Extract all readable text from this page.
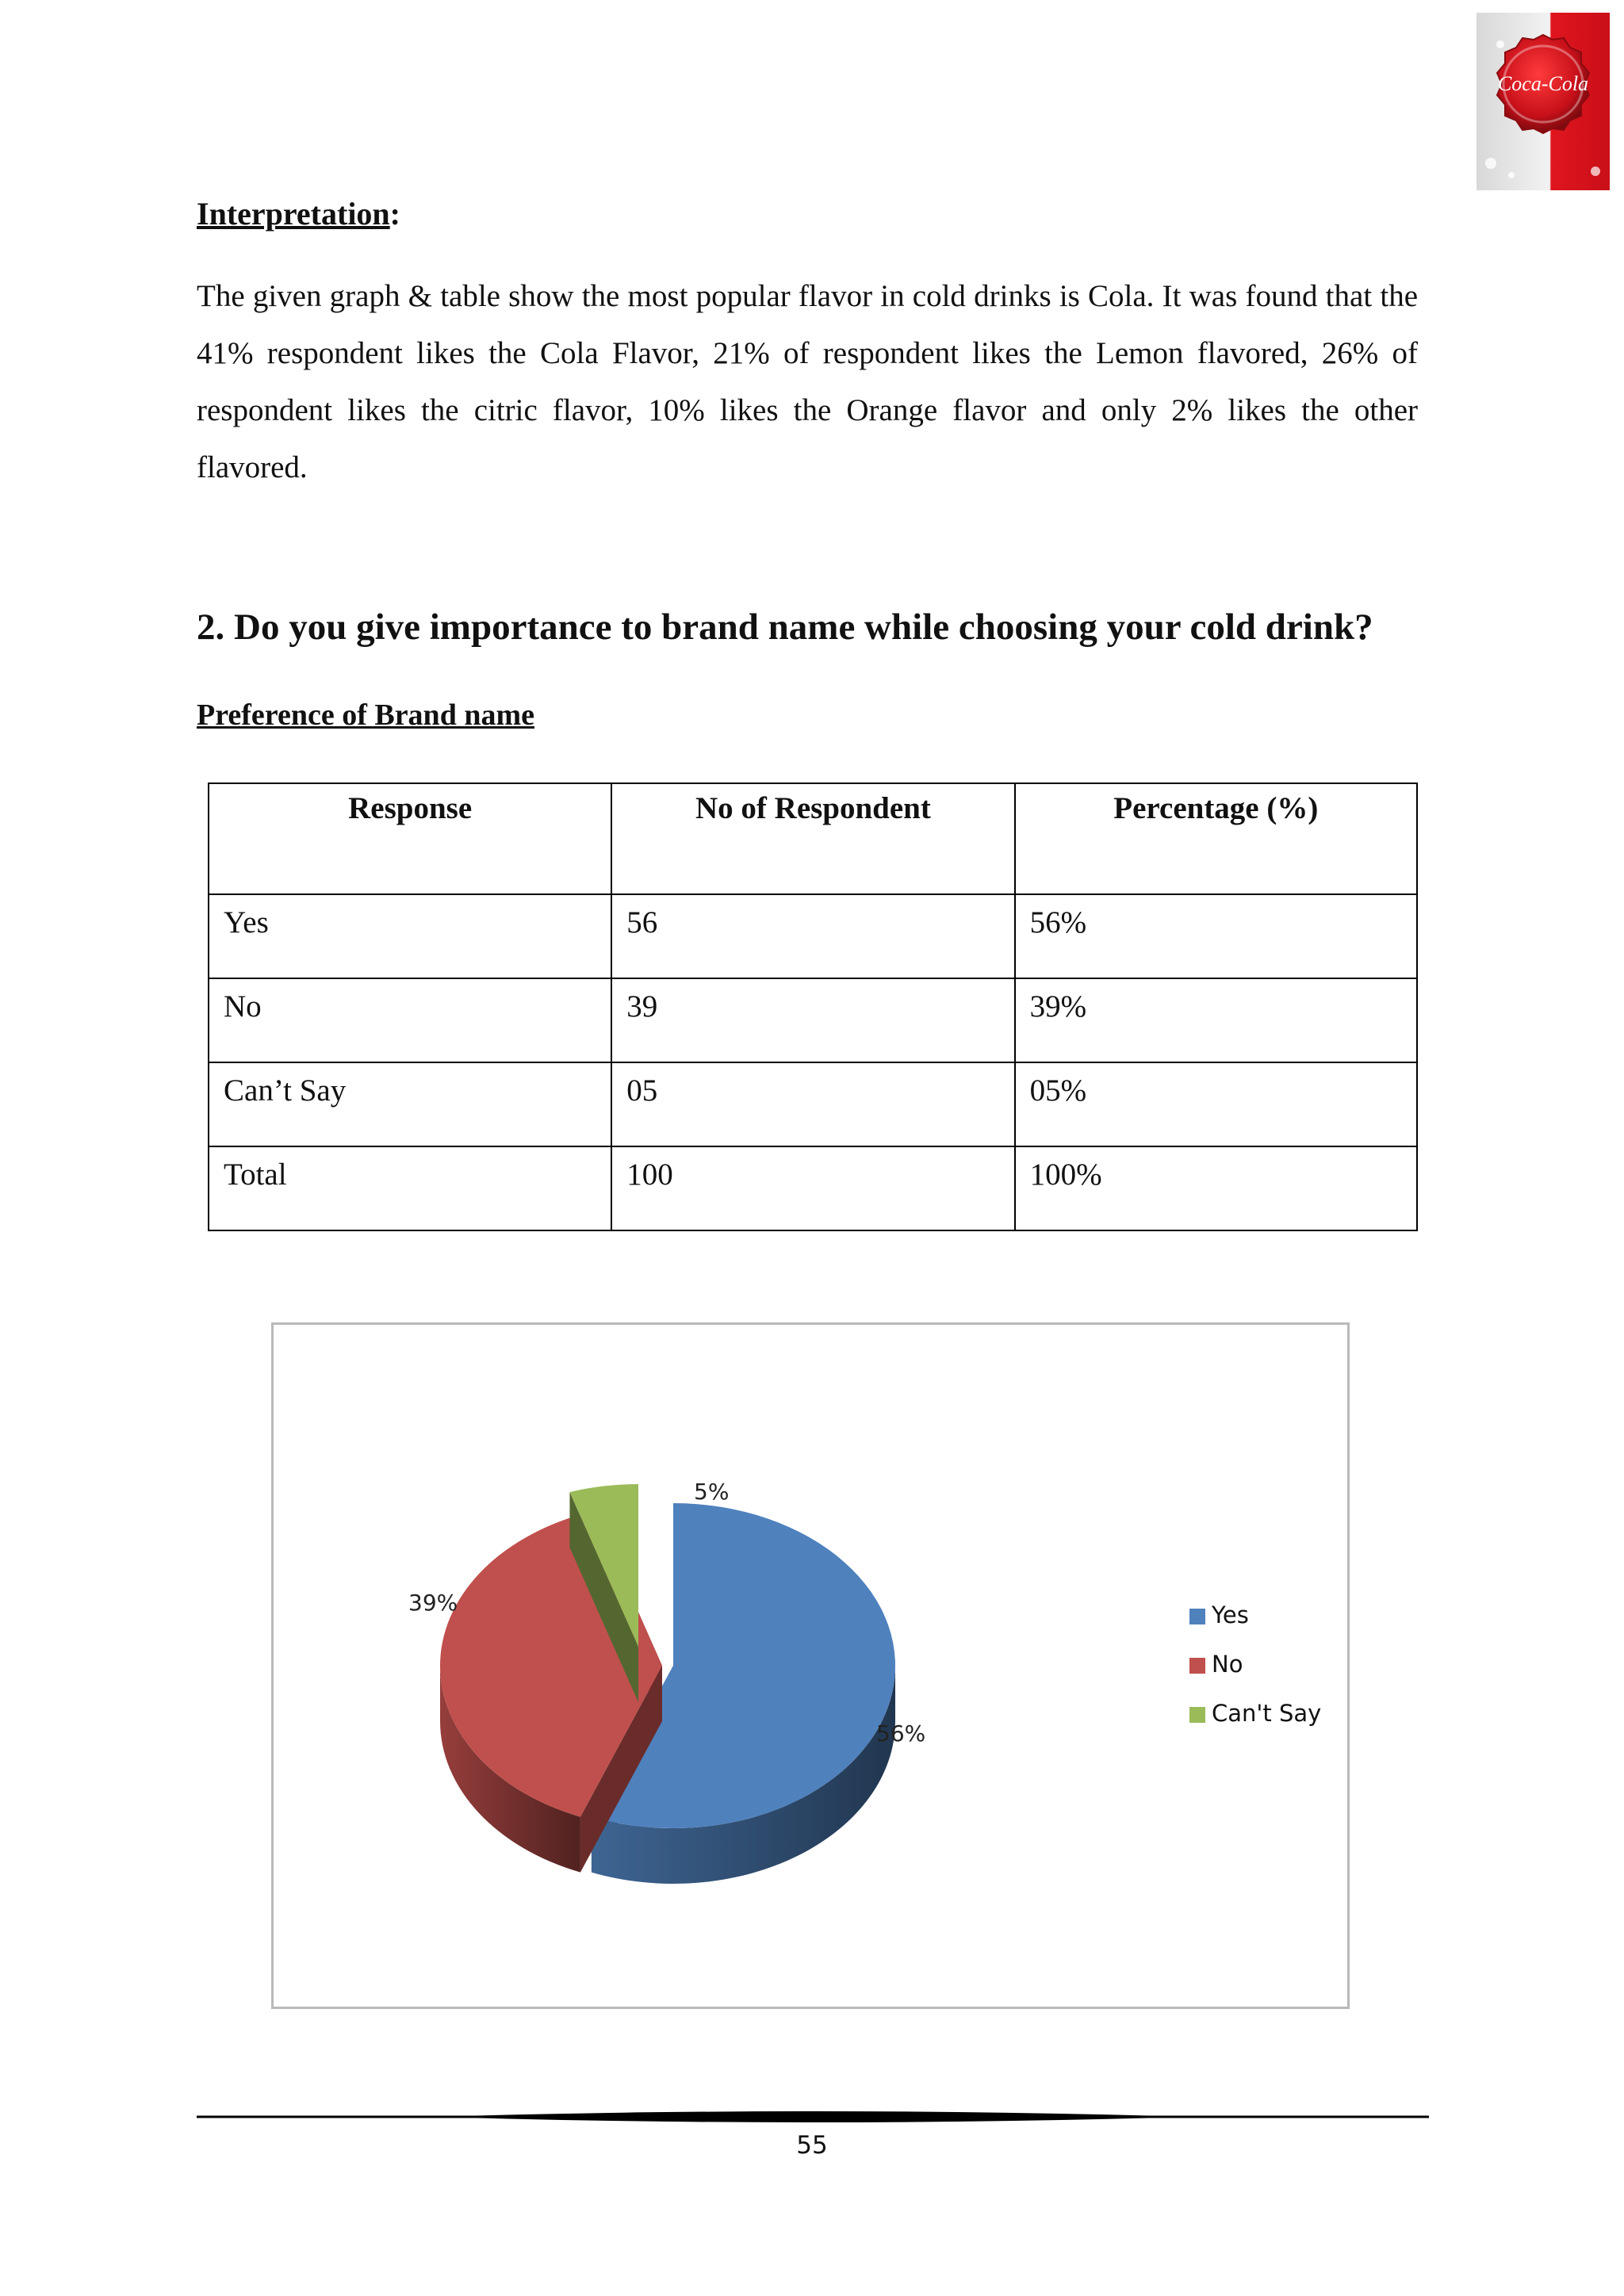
Coca-Cola
Interpretation:
The given graph & table show the most popular flavor in cold drinks is Cola. It was found that the 41% respondent likes the Cola Flavor, 21% of respondent likes the Lemon flavored, 26% of respondent likes the citric flavor, 10% likes the Orange flavor and only 2% likes the other flavored.
2. Do you give importance to brand name while choosing your cold drink?
Preference of Brand name
Response	No of Respondent	Percentage (%)
Yes	56	56%
No	39	39%
Can’t Say	05	05%
Total	100	100%
56%
39%
5%
Yes
No
Can't Say
55
